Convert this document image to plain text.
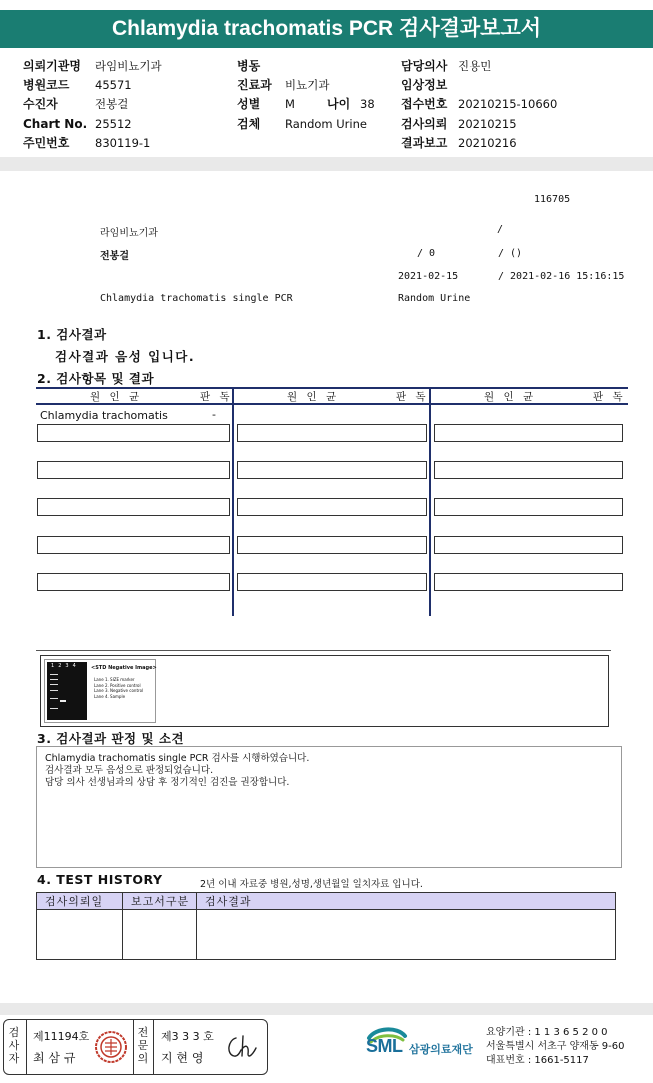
Chlamydia trachomatis PCR 검사결과보고서
의뢰기관명 라임비뇨기과
병원코드 45571
수진자	전봉걸
Chart No. 25512
주민번호 830119-1
병동
진료과 비뇨기과
성별 M	나이 38
검체 Random Urine
담당의사 진용민
임상정보
접수번호 20210215-10660
검사의뢰 20210215
결과보고 20210216
116705
라임비뇨기과	/
전봉걸	/ 0	/ ()
2021-02-15	/ 2021-02-16 15:16:15
Chlamydia trachomatis single PCR	Random Urine
1. 검사결과
검사결과 음성 입니다.
2. 검사항목 및 결과
원 인 균	판 독	원 인 균	판 독	원 인 균	판 독
Chlamydia trachomatis	-
1234 <STD Negative Image>
Lane 1. SIZE marker
Lane 2. Positive control
Lane 3. Negative control
Lane 4. Sample
3. 검사결과 판정 및 소견
Chlamydia trachomatis single PCR 검사를 시행하였습니다.
검사결과 모두 음성으로 판정되었습니다.
담당 의사 선생님과의 상담 후 정기적인 검진을 권장합니다.
4. TEST HISTORY	2년 이내 자료중 병원,성명,생년월일 일치자료 입니다.
검사의뢰일	보고서구분	검사결과

검사자
제11194호
최 삼 규
전문의
제3 3 3 호
지 현 영
SML 삼광의료재단
요양기관 : 1 1 3 6 5 2 0 0
서울특별시 서초구 양재동 9-60
대표번호 : 1661-5117
